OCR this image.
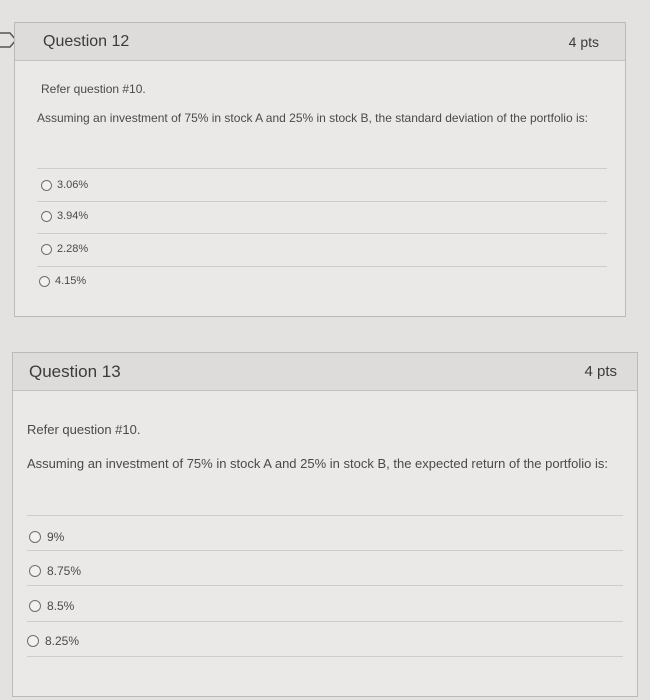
Question 12	4 pts
Refer question #10.
Assuming an investment of 75% in stock A and 25% in stock B, the standard deviation of the portfolio is:
3.06%
3.94%
2.28%
4.15%
Question 13	4 pts
Refer question #10.
Assuming an investment of 75% in stock A and 25% in stock B, the expected return of the portfolio is:
9%
8.75%
8.5%
8.25%
